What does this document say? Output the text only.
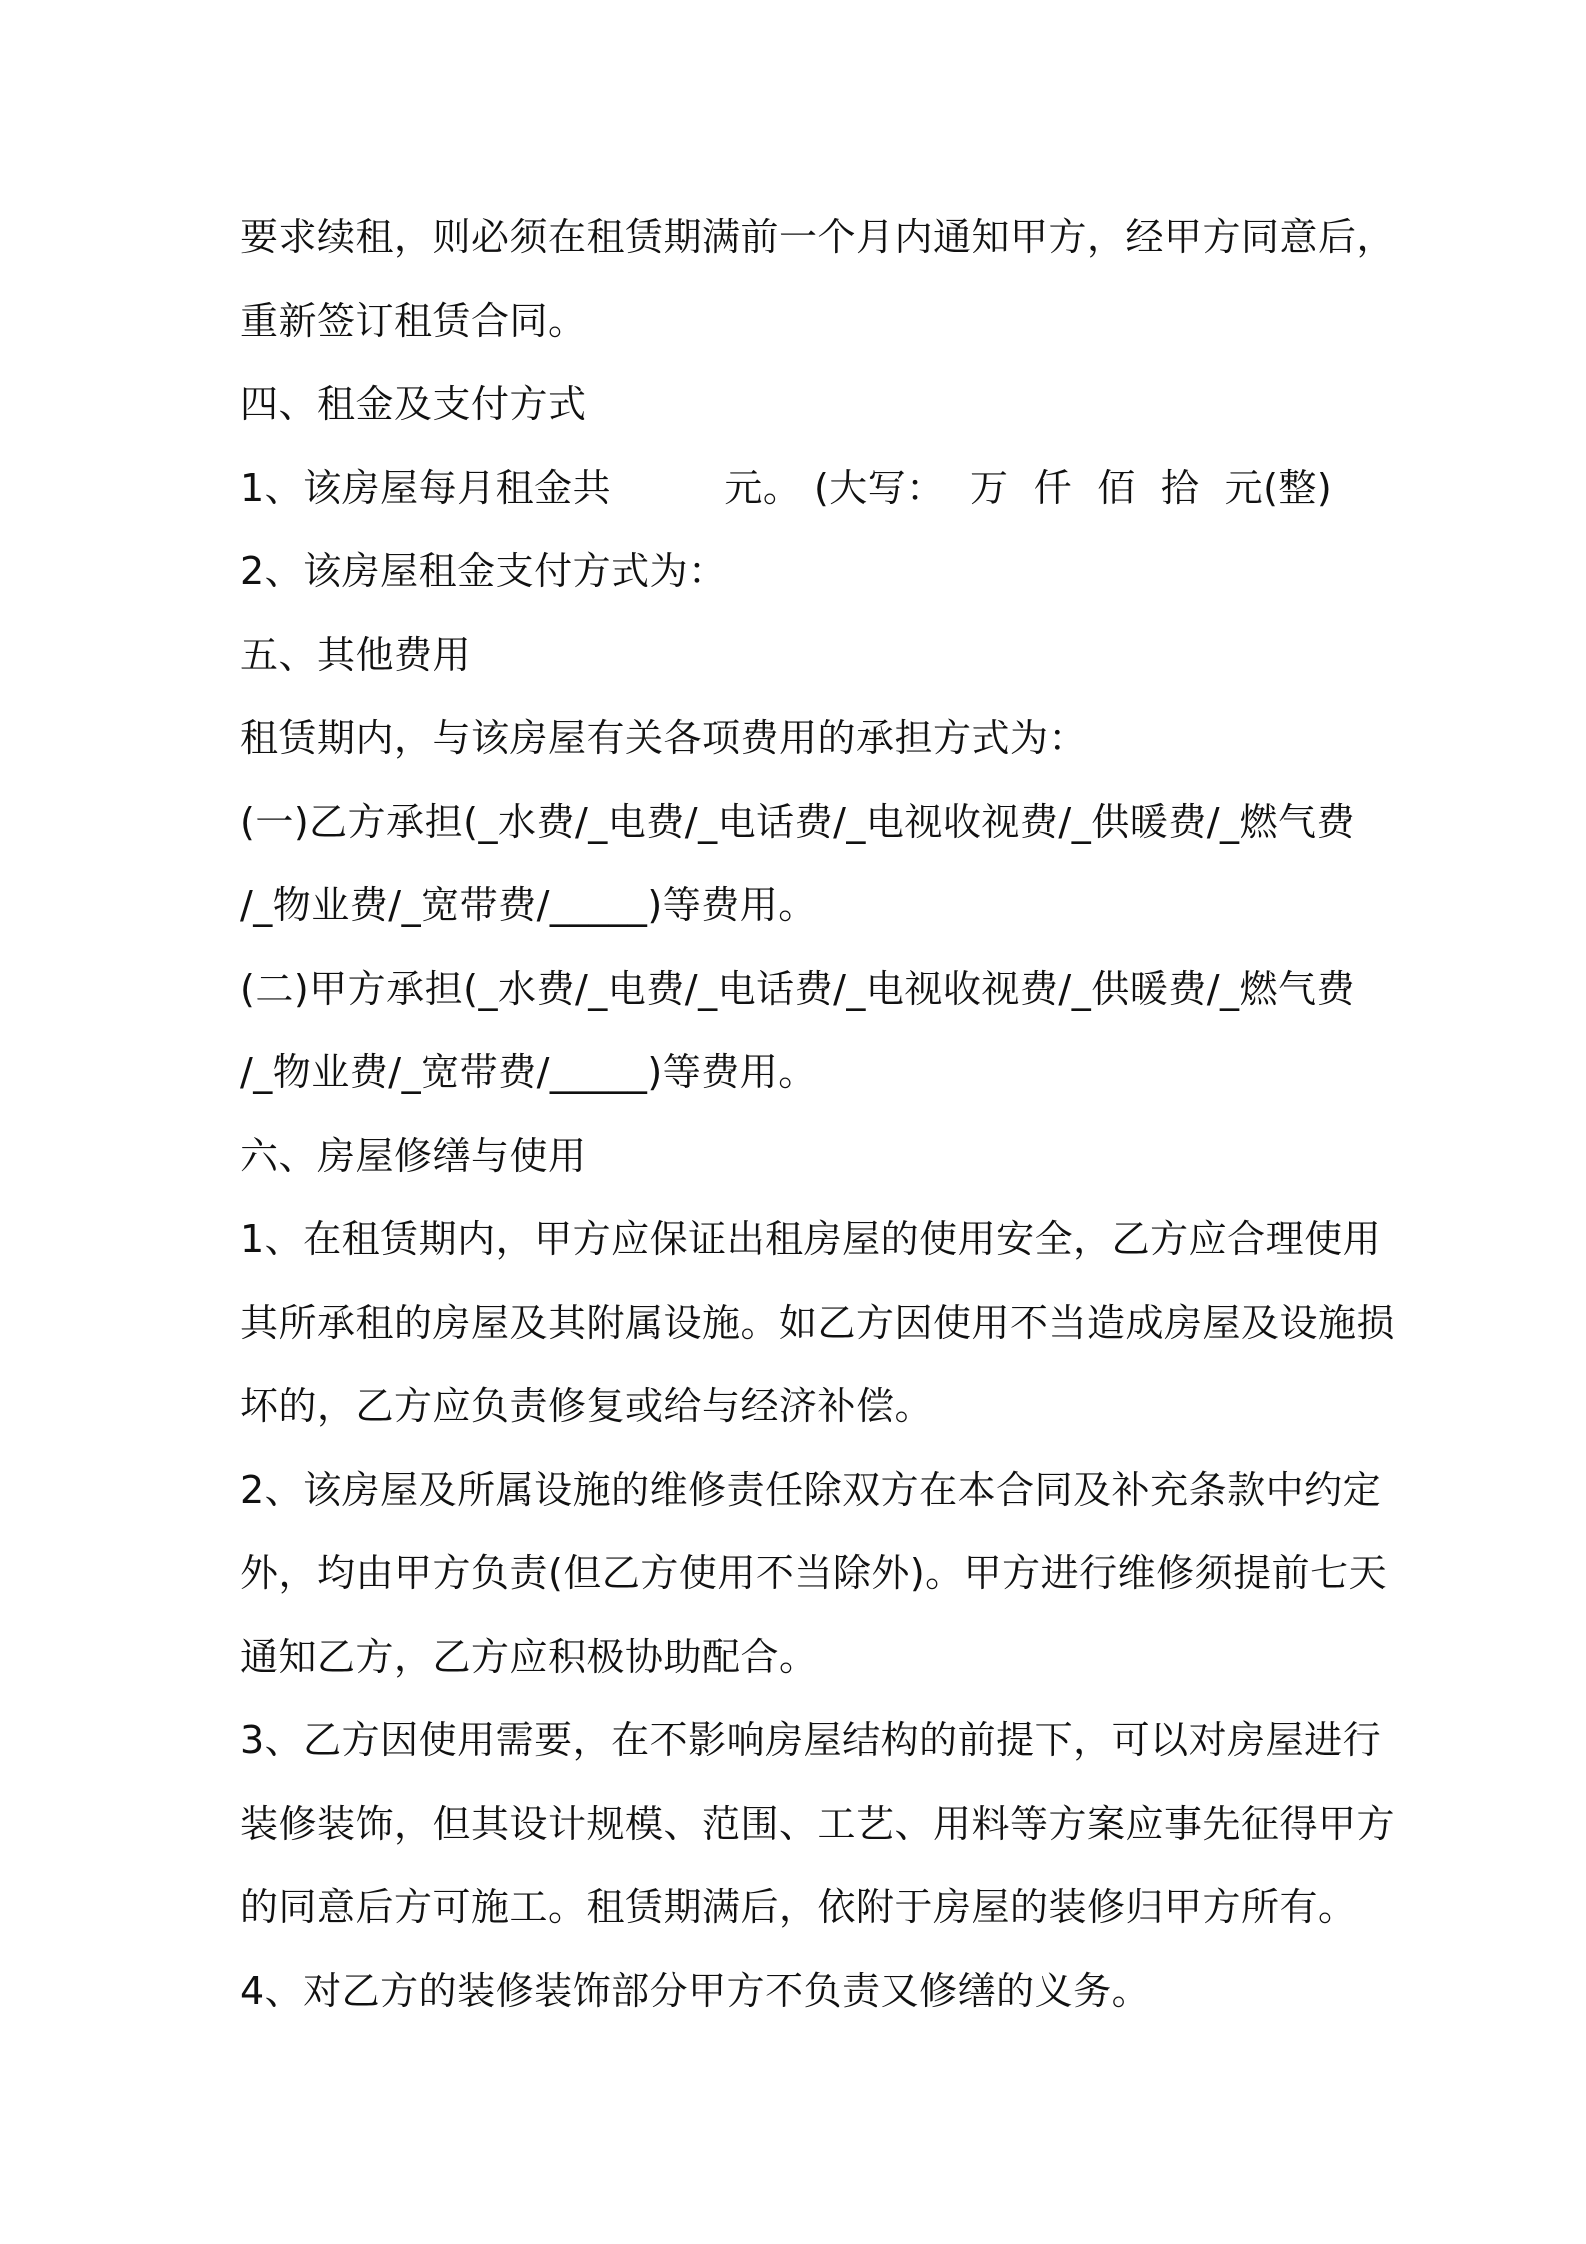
要求续租，则必须在租赁期满前一个月内通知甲方，经甲方同意后，
重新签订租赁合同。
四、租金及支付方式
1、该房屋每月租金共         元。 (大写：  万  仟  佰  拾  元(整)
2、该房屋租金支付方式为：
五、其他费用
租赁期内，与该房屋有关各项费用的承担方式为：
(一)乙方承担(_水费/_电费/_电话费/_电视收视费/_供暖费/_燃气费
/_物业费/_宽带费/_____)等费用。
(二)甲方承担(_水费/_电费/_电话费/_电视收视费/_供暖费/_燃气费
/_物业费/_宽带费/_____)等费用。
六、房屋修缮与使用
1、在租赁期内，甲方应保证出租房屋的使用安全，乙方应合理使用
其所承租的房屋及其附属设施。如乙方因使用不当造成房屋及设施损
坏的，乙方应负责修复或给与经济补偿。
2、该房屋及所属设施的维修责任除双方在本合同及补充条款中约定
外，均由甲方负责(但乙方使用不当除外)。甲方进行维修须提前七天
通知乙方，乙方应积极协助配合。
3、乙方因使用需要，在不影响房屋结构的前提下，可以对房屋进行
装修装饰，但其设计规模、范围、工艺、用料等方案应事先征得甲方
的同意后方可施工。租赁期满后，依附于房屋的装修归甲方所有。
4、对乙方的装修装饰部分甲方不负责又修缮的义务。
